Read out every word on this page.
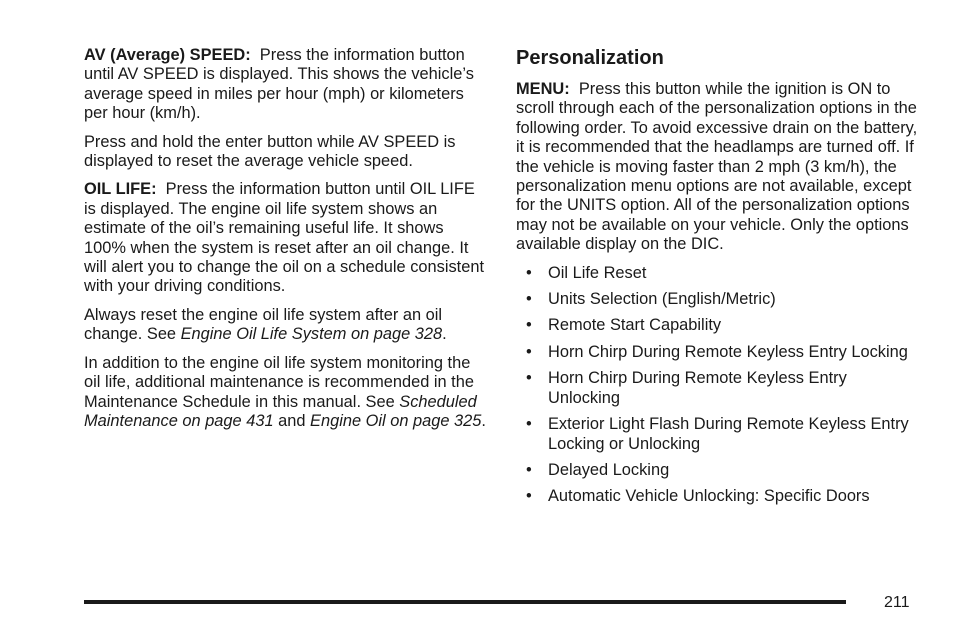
AV (Average) SPEED: Press the information button until AV SPEED is displayed. This shows the vehicle’s average speed in miles per hour (mph) or kilometers per hour (km/h).

Press and hold the enter button while AV SPEED is displayed to reset the average vehicle speed.

OIL LIFE: Press the information button until OIL LIFE is displayed. The engine oil life system shows an estimate of the oil’s remaining useful life. It shows 100% when the system is reset after an oil change. It will alert you to change the oil on a schedule consistent with your driving conditions.

Always reset the engine oil life system after an oil change. See Engine Oil Life System on page 328.

In addition to the engine oil life system monitoring the oil life, additional maintenance is recommended in the Maintenance Schedule in this manual. See Scheduled Maintenance on page 431 and Engine Oil on page 325.

Personalization

MENU: Press this button while the ignition is ON to scroll through each of the personalization options in the following order. To avoid excessive drain on the battery, it is recommended that the headlamps are turned off. If the vehicle is moving faster than 2 mph (3 km/h), the personalization menu options are not available, except for the UNITS option. All of the personalization options may not be available on your vehicle. Only the options available display on the DIC.

• Oil Life Reset
• Units Selection (English/Metric)
• Remote Start Capability
• Horn Chirp During Remote Keyless Entry Locking
• Horn Chirp During Remote Keyless Entry Unlocking
• Exterior Light Flash During Remote Keyless Entry Locking or Unlocking
• Delayed Locking
• Automatic Vehicle Unlocking: Specific Doors
211
